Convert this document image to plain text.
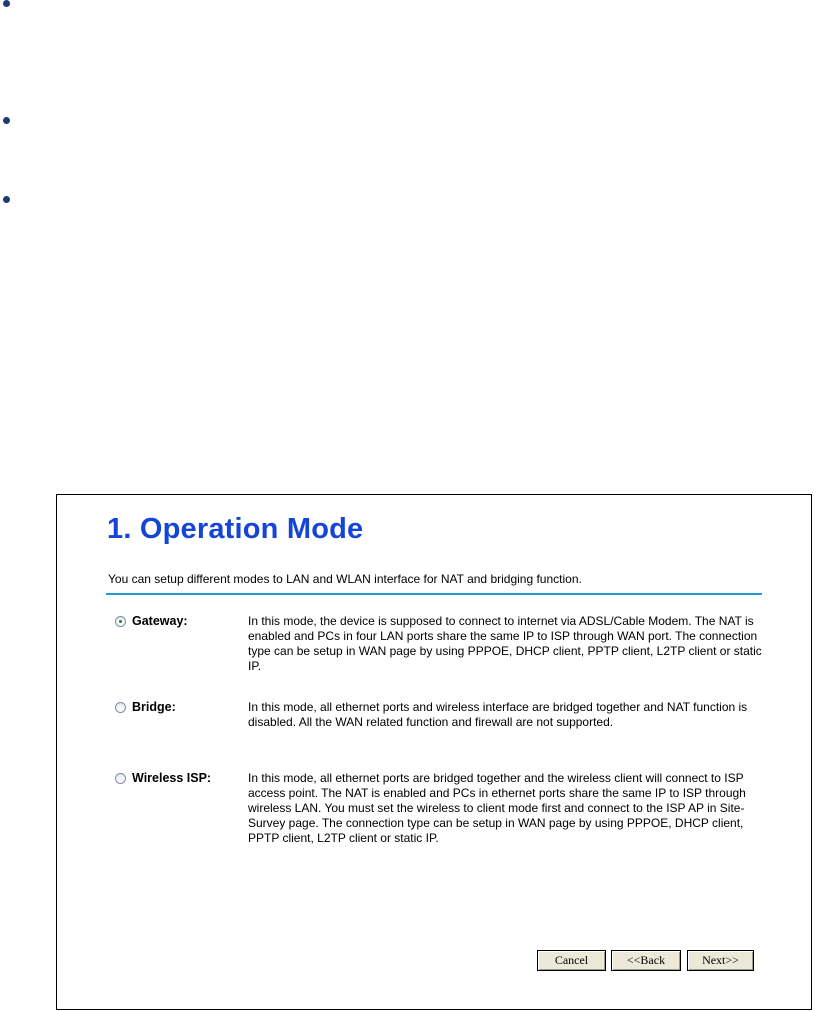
1. Operation Mode
You can setup different modes to LAN and WLAN interface for NAT and bridging function.
Gateway:	In this mode, the device is supposed to connect to internet via ADSL/Cable Modem. The NAT is enabled and PCs in four LAN ports share the same IP to ISP through WAN port. The connection type can be setup in WAN page by using PPPOE, DHCP client, PPTP client, L2TP client or static IP.
Bridge:	In this mode, all ethernet ports and wireless interface are bridged together and NAT function is disabled. All the WAN related function and firewall are not supported.
Wireless ISP:	In this mode, all ethernet ports are bridged together and the wireless client will connect to ISP access point. The NAT is enabled and PCs in ethernet ports share the same IP to ISP through wireless LAN. You must set the wireless to client mode first and connect to the ISP AP in Site-Survey page. The connection type can be setup in WAN page by using PPPOE, DHCP client, PPTP client, L2TP client or static IP.
Cancel	<<Back	Next>>
